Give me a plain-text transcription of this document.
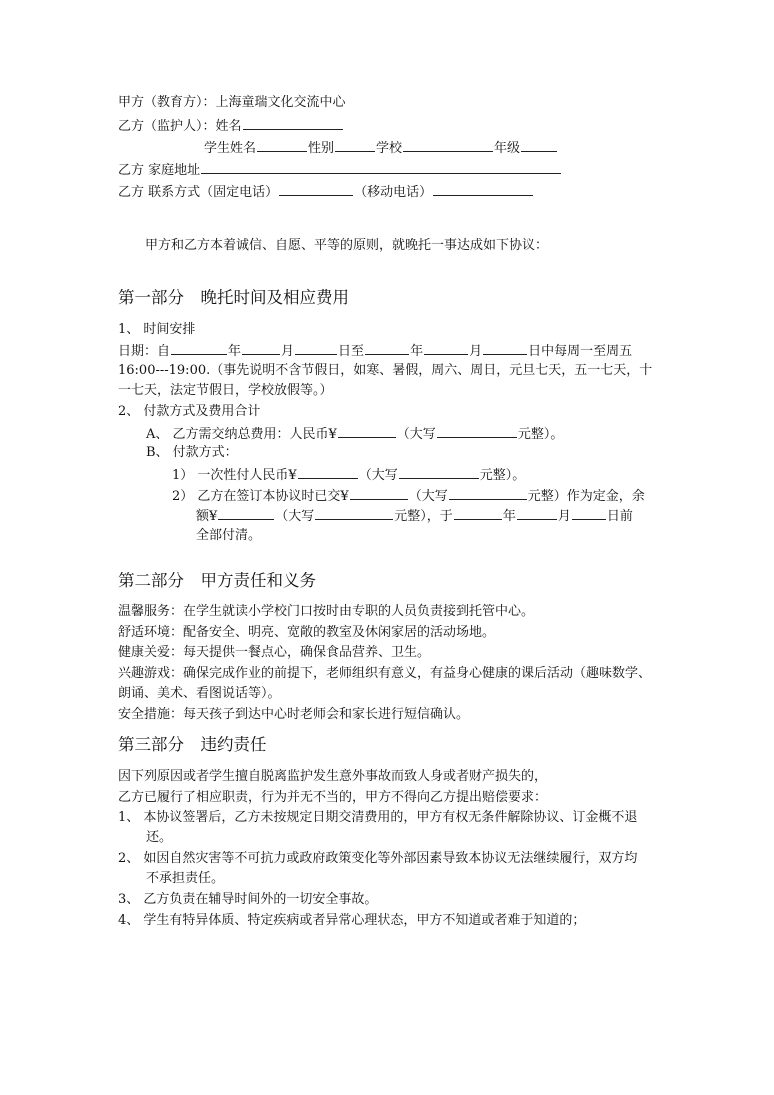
甲方（教育方）：上海童瑞文化交流中心
乙方（监护人）：姓名
学生姓名	性别	学校	年级
乙方 家庭地址
乙方 联系方式（固定电话）	（移动电话）
甲方和乙方本着诚信、自愿、平等的原则，就晚托一事达成如下协议：
第一部分　晚托时间及相应费用
1、 时间安排
日期：自	年	月	日至	年	月	日中每周一至周五
16:00---19:00.（事先说明不含节假日，如寒、暑假，周六、周日，元旦七天，五一七天，十
一七天，法定节假日，学校放假等。）
2、 付款方式及费用合计
A、 乙方需交纳总费用：人民币¥	（大写	元整）。
B、 付款方式：
1） 一次性付人民币¥	（大写	元整）。
2） 乙方在签订本协议时已交¥	（大写	元整）作为定金，余
额¥	（大写	元整），于	年	月	日前
全部付清。
第二部分　甲方责任和义务
温馨服务：在学生就读小学校门口按时由专职的人员负责接到托管中心。
舒适环境：配备安全、明亮、宽敞的教室及休闲家居的活动场地。
健康关爱：每天提供一餐点心，确保食品营养、卫生。
兴趣游戏：确保完成作业的前提下，老师组织有意义，有益身心健康的课后活动（趣味数学、
朗诵、美术、看图说话等）。
安全措施：每天孩子到达中心时老师会和家长进行短信确认。
第三部分　违约责任
因下列原因或者学生擅自脱离监护发生意外事故而致人身或者财产损失的，
乙方已履行了相应职责，行为并无不当的，甲方不得向乙方提出赔偿要求：
1、 本协议签署后，乙方未按规定日期交清费用的，甲方有权无条件解除协议、订金概不退
还。
2、 如因自然灾害等不可抗力或政府政策变化等外部因素导致本协议无法继续履行，双方均
不承担责任。
3、 乙方负责在辅导时间外的一切安全事故。
4、 学生有特异体质、特定疾病或者异常心理状态，甲方不知道或者难于知道的；
